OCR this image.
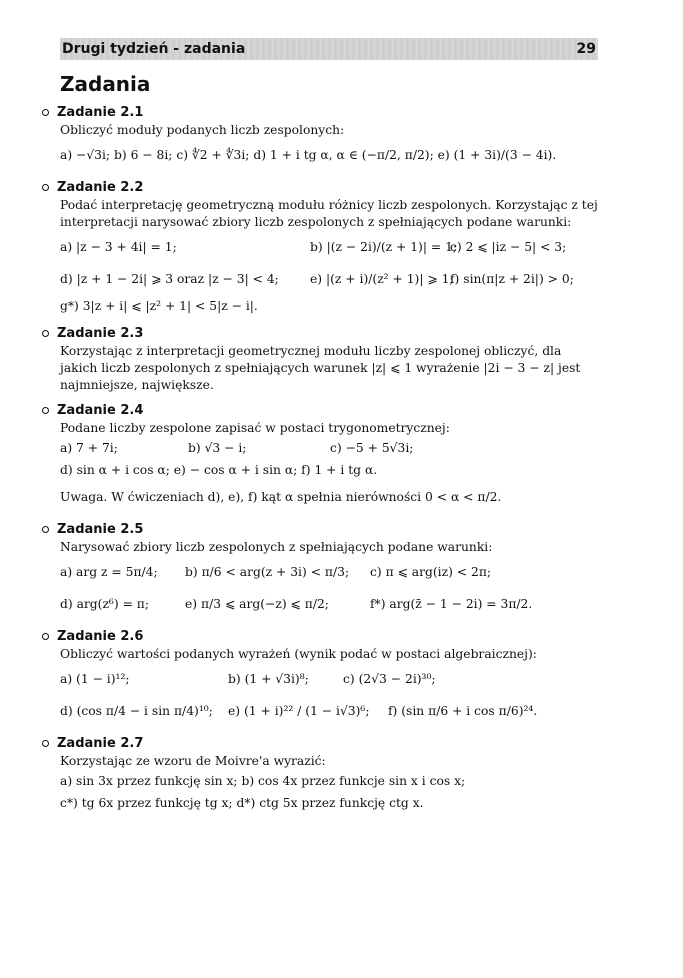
Drugi tydzień - zadania	29
Zadania
Zadanie 2.1
Obliczyć moduły podanych liczb zespolonych:
a) −√3i; b) 6 − 8i; c) ∜2 + ∜3i; d) 1 + i tg α, α ∈ (−π/2, π/2); e) (1 + 3i)/(3 − 4i).
Zadanie 2.2
Podać interpretację geometryczną modułu różnicy liczb zespolonych. Korzystając z tej interpretacji narysować zbiory liczb zespolonych z spełniających podane warunki:
a) |z − 3 + 4i| = 1;	b) |(z − 2i)/(z + 1)| = 1;
c) 2 ⩽ |iz − 5| < 3;
d) |z + 1 − 2i| ⩾ 3 oraz |z − 3| < 4;	e) |(z + i)/(z² + 1)| ⩾ 1;
f) sin(π|z + 2i|) > 0;
g*) 3|z + i| ⩽ |z² + 1| < 5|z − i|.
Zadanie 2.3
Korzystając z interpretacji geometrycznej modułu liczby zespolonej obliczyć, dla jakich liczb zespolonych z spełniających warunek |z| ⩽ 1 wyrażenie |2i − 3 − z| jest najmniejsze, największe.
Zadanie 2.4
Podane liczby zespolone zapisać w postaci trygonometrycznej:
a) 7 + 7i;	b) √3 − i;	c) −5 + 5√3i;
d) sin α + i cos α; e) − cos α + i sin α; f) 1 + i tg α.
Uwaga. W ćwiczeniach d), e), f) kąt α spełnia nierówności 0 < α < π/2.
Zadanie 2.5
Narysować zbiory liczb zespolonych z spełniających podane warunki:
a) arg z = 5π/4;	b) π/6 < arg(z + 3i) < π/3;	c) π ⩽ arg(iz) < 2π;
d) arg(z⁶) = π;	e) π/3 ⩽ arg(−z) ⩽ π/2;	f*) arg(z̄ − 1 − 2i) = 3π/2.
Zadanie 2.6
Obliczyć wartości podanych wyrażeń (wynik podać w postaci algebraicznej):
a) (1 − i)¹²;	b) (1 + √3i)⁸;	c) (2√3 − 2i)³⁰;
d) (cos π/4 − i sin π/4)¹⁰;	e) (1 + i)²² / (1 − i√3)⁶;	f) (sin π/6 + i cos π/6)²⁴.
Zadanie 2.7
Korzystając ze wzoru de Moivre'a wyrazić:
a) sin 3x przez funkcję sin x; b) cos 4x przez funkcje sin x i cos x;
c*) tg 6x przez funkcję tg x; d*) ctg 5x przez funkcję ctg x.
